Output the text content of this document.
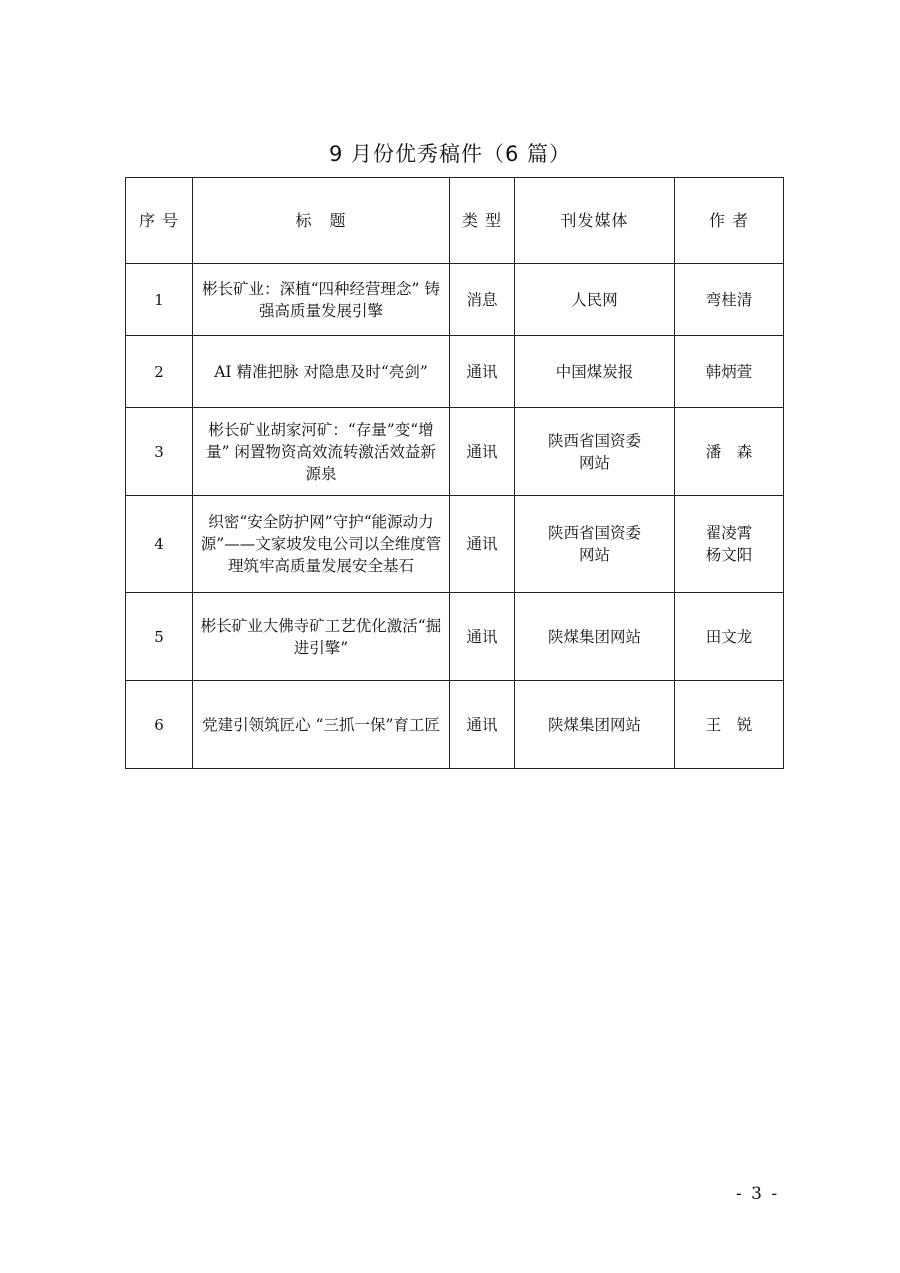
9 月份优秀稿件（6 篇）
序 号	标　题	类 型	刊发媒体	作 者
1	彬长矿业：深植“四种经营理念” 铸强高质量发展引擎	消息	人民网	弯桂清
2	AI 精准把脉 对隐患及时“亮剑”	通讯	中国煤炭报	韩炳萱
3	彬长矿业胡家河矿：“存量”变“增量” 闲置物资高效流转激活效益新源泉	通讯	陕西省国资委网站	潘　森
4	织密“安全防护网”守护“能源动力源”——文家坡发电公司以全维度管理筑牢高质量发展安全基石	通讯	陕西省国资委网站	翟凌霄 杨文阳
5	彬长矿业大佛寺矿工艺优化激活“掘进引擎”	通讯	陕煤集团网站	田文龙
6	党建引领筑匠心 “三抓一保”育工匠	通讯	陕煤集团网站	王　锐
- 3 -
